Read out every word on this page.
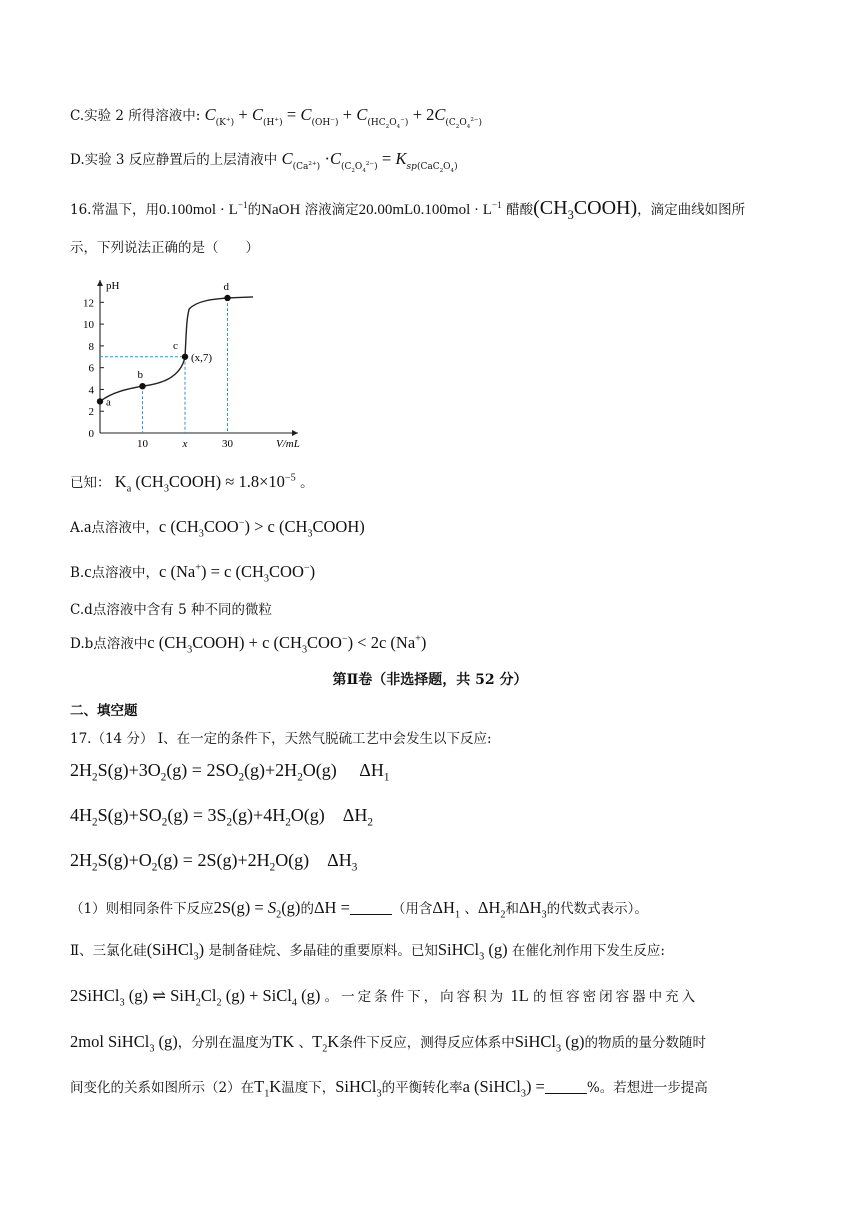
C.实验 2 所得溶液中: $C_{(K^+)} + C_{(H^+)} = C_{(OH^-)} + C_{(HC_2O_4^-)} + 2C_{(C_2O_4^{2-})}$
D.实验 3 反应静置后的上层清液中 $C_{(Ca^{2+})} \cdot C_{(C_2O_4^{2-})} = K_{sp(CaC_2O_4)}$
16.常温下，用$0.100mol \cdot L^{-1}$的NaOH 溶液滴定$20.00mL0.100mol \cdot L^{-1}$ 醋酸$(CH_3COOH)$，滴定曲线如图所
示，下列说法正确的是（　　）
pH
V/mL
0
2
4
6
8
10
12
10	x	30
a
b
c
d
(x,7)
已知： $K_a$ $(CH_3COOH) \approx 1.8\times 10^{-5}$ 。
A.a点溶液中，c $(CH_3COO^-) > c$ $(CH_3COOH)$
B.c点溶液中，c (Na+) = c $(CH_3COO^-)$
C.d点溶液中含有 5 种不同的微粒
D.b点溶液中c $(CH_3COOH) + c$ $(CH_3COO^-) < 2c$ (Na+)
第Ⅱ卷（非选择题，共 52 分）
二、填空题
17.（14 分） Ⅰ、在一定的条件下，天然气脱硫工艺中会发生以下反应:
$2H_2S(g)+3O_2(g) = 2SO_2(g)+2H_2O(g)$     $\Delta H_1$
$4H_2S(g)+SO_2(g) = 3S_2(g)+4H_2O(g)$    $\Delta H_2$
$2H_2S(g)+O_2(g) = 2S(g)+2H_2O(g)$    $\Delta H_3$
（1）则相同条件下反应$2S(g) = S_2(g)$的ΔH =	（用含$\Delta H_1$ 、$\Delta H_2$和$\Delta H_3$的代数式表示）。
Ⅱ、三氯化硅(SiHCl$_3$) 是制备硅烷、多晶硅的重要原料。已知SiHCl$_3$ (g) 在催化剂作用下发生反应:
2SiHCl$_3$ (g) ⇌ $SiH_2Cl_2$ (g) + SiCl$_4$ (g) 。一定条件下，向容积为 1L 的恒容密闭容器中充入
2mol SiHCl$_3$ (g)，分别在温度为TK 、$T_2K$条件下反应，测得反应体系中SiHCl$_3$ (g)的物质的量分数随时
间变化的关系如图所示（2）在$T_1K$温度下，SiHCl$_3$的平衡转化率a (SiHCl$_3$) =	%。若想进一步提高
